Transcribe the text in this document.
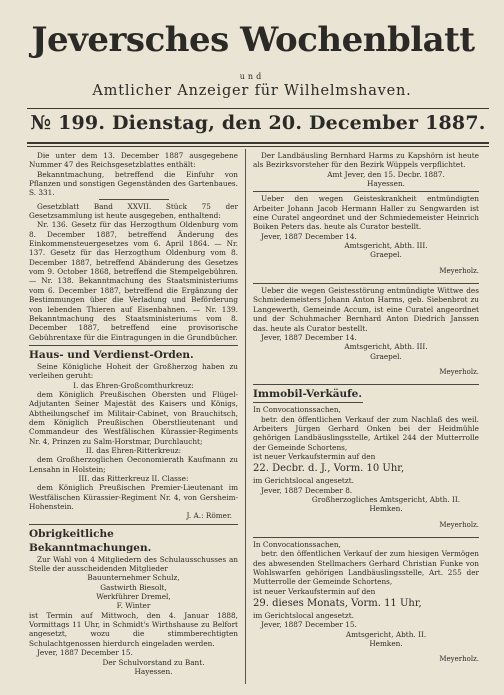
Jeversches Wochenblatt
und
Amtlicher Anzeiger für Wilhelmshaven.
№ 199. Dienstag, den 20. December 1887.

Die unter dem 13. December 1887 ausgegebene Nummer 47 des Reichsgesetzblattes enthält:

Bekanntmachung, betreffend die Einfuhr von Pflanzen und sonstigen Gegenständen des Gartenbaues. S. 331.

Gesetzblatt Band XXVII. Stück 75 der Gesetzsammlung ist heute ausgegeben, enthaltend:

Nr. 136. Gesetz für das Herzogthum Oldenburg vom 8. December 1887, betreffend Änderung des Einkommensteuergesetzes vom 6. April 1864. — Nr. 137. Gesetz für das Herzogthum Oldenburg vom 8. December 1887, betreffend Abänderung des Gesetzes vom 9. October 1868, betreffend die Stempelgebühren. — Nr. 138. Bekanntmachung des Staatsministeriums vom 6. December 1887, betreffend die Ergänzung der Bestimmungen über die Verladung und Beförderung von lebenden Thieren auf Eisenbahnen. — Nr. 139. Bekanntmachung des Staatsministeriums vom 8. December 1887, betreffend eine provisorische Gebührentaxe für die Eintragungen in die Grundbücher.

Haus- und Verdienst-Orden.

Seine Königliche Hoheit der Großherzog haben zu verleihen geruht:

I. das Ehren-Großcomthurkreuz:

dem Königlich Preußischen Obersten und Flügel-Adjutanten Seiner Majestät des Kaisers und Königs, Abtheilungschef im Militair-Cabinet, von Brauchitsch, dem Königlich Preußischen Oberstlieutenant und Commandeur des Westfälischen Kürassier-Regiments Nr. 4, Prinzen zu Salm-Horstmar, Durchlaucht;

II. das Ehren-Ritterkreuz:

dem Großherzoglichen Oeconomierath Kaufmann zu Lensahn in Holstein;

III. das Ritterkreuz II. Classe:

dem Königlich Preußischen Premier-Lieutenant im Westfälischen Kürassier-Regiment Nr. 4, von Gersheim-Hohenstein.

J. A.: Römer.

Obrigkeitliche Bekanntmachungen.

Zur Wahl von 4 Mitgliedern des Schulausschusses an Stelle der ausscheidenden Mitglieder

Bauunternehmer Schulz,

Gastwirth Biesolt,

Werkführer Dremel,

F. Winter

ist Termin auf Mittwoch, den 4. Januar 1888, Vormittags 11 Uhr, in Schmidt's Wirthshause zu Belfort angesetzt, wozu die stimmberechtigten Schulachtgenossen hierdurch eingeladen werden.

Jever, 1887 December 15.

Der Schulvorstand zu Bant.

Hayessen.

Der Landbäusling Bernhard Harms zu Kapshörn ist heute als Bezirksvorsteher für den Bezirk Wüppels verpflichtet.

Amt Jever, den 15. Decbr. 1887.

Hayessen.

Ueber den wegen Geisteskrankheit entmündigten Arbeiter Johann Jacob Hermann Haller zu Sengwarden ist eine Curatel angeordnet und der Schmiedemeister Heinrich Boiken Peters das. heute als Curator bestellt.

Jever, 1887 December 14.

Amtsgericht, Abth. III.

Graepel.

Meyerholz.

Ueber die wegen Geistesstörung entmündigte Wittwe des Schmiedemeisters Johann Anton Harms, geb. Siebenbrot zu Langewerth, Gemeinde Accum, ist eine Curatel angeordnet und der Schuhmacher Bernhard Anton Diedrich Janssen das. heute als Curator bestellt.

Jever, 1887 December 14.

Amtsgericht, Abth. III.

Graepel.

Meyerholz.

Immobil-Verkäufe.

In Convocationssachen,

betr. den öffentlichen Verkauf der zum Nachlaß des weil. Arbeiters Jürgen Gerhard Onken bei der Heidmühle gehörigen Landbäuslingsstelle, Artikel 244 der Mutterrolle der Gemeinde Schortens,

ist neuer Verkaufstermin auf den

22. Decbr. d. J., Vorm. 10 Uhr,

im Gerichtslocal angesetzt.

Jever, 1887 December 8.

Großherzogliches Amtsgericht, Abth. II.

Hemken.

Meyerholz.

In Convocationssachen,

betr. den öffentlichen Verkauf der zum hiesigen Vermögen des abwesenden Stellmachers Gerhard Christian Funke von Wohlswarfen gehörigen Landbäuslingsstelle, Art. 255 der Mutterrolle der Gemeinde Schortens,

ist neuer Verkaufstermin auf den

29. dieses Monats, Vorm. 11 Uhr,

im Gerichtslocal angesetzt.

Jever, 1887 December 15.

Amtsgericht, Abth. II.

Hemken.

Meyerholz.
